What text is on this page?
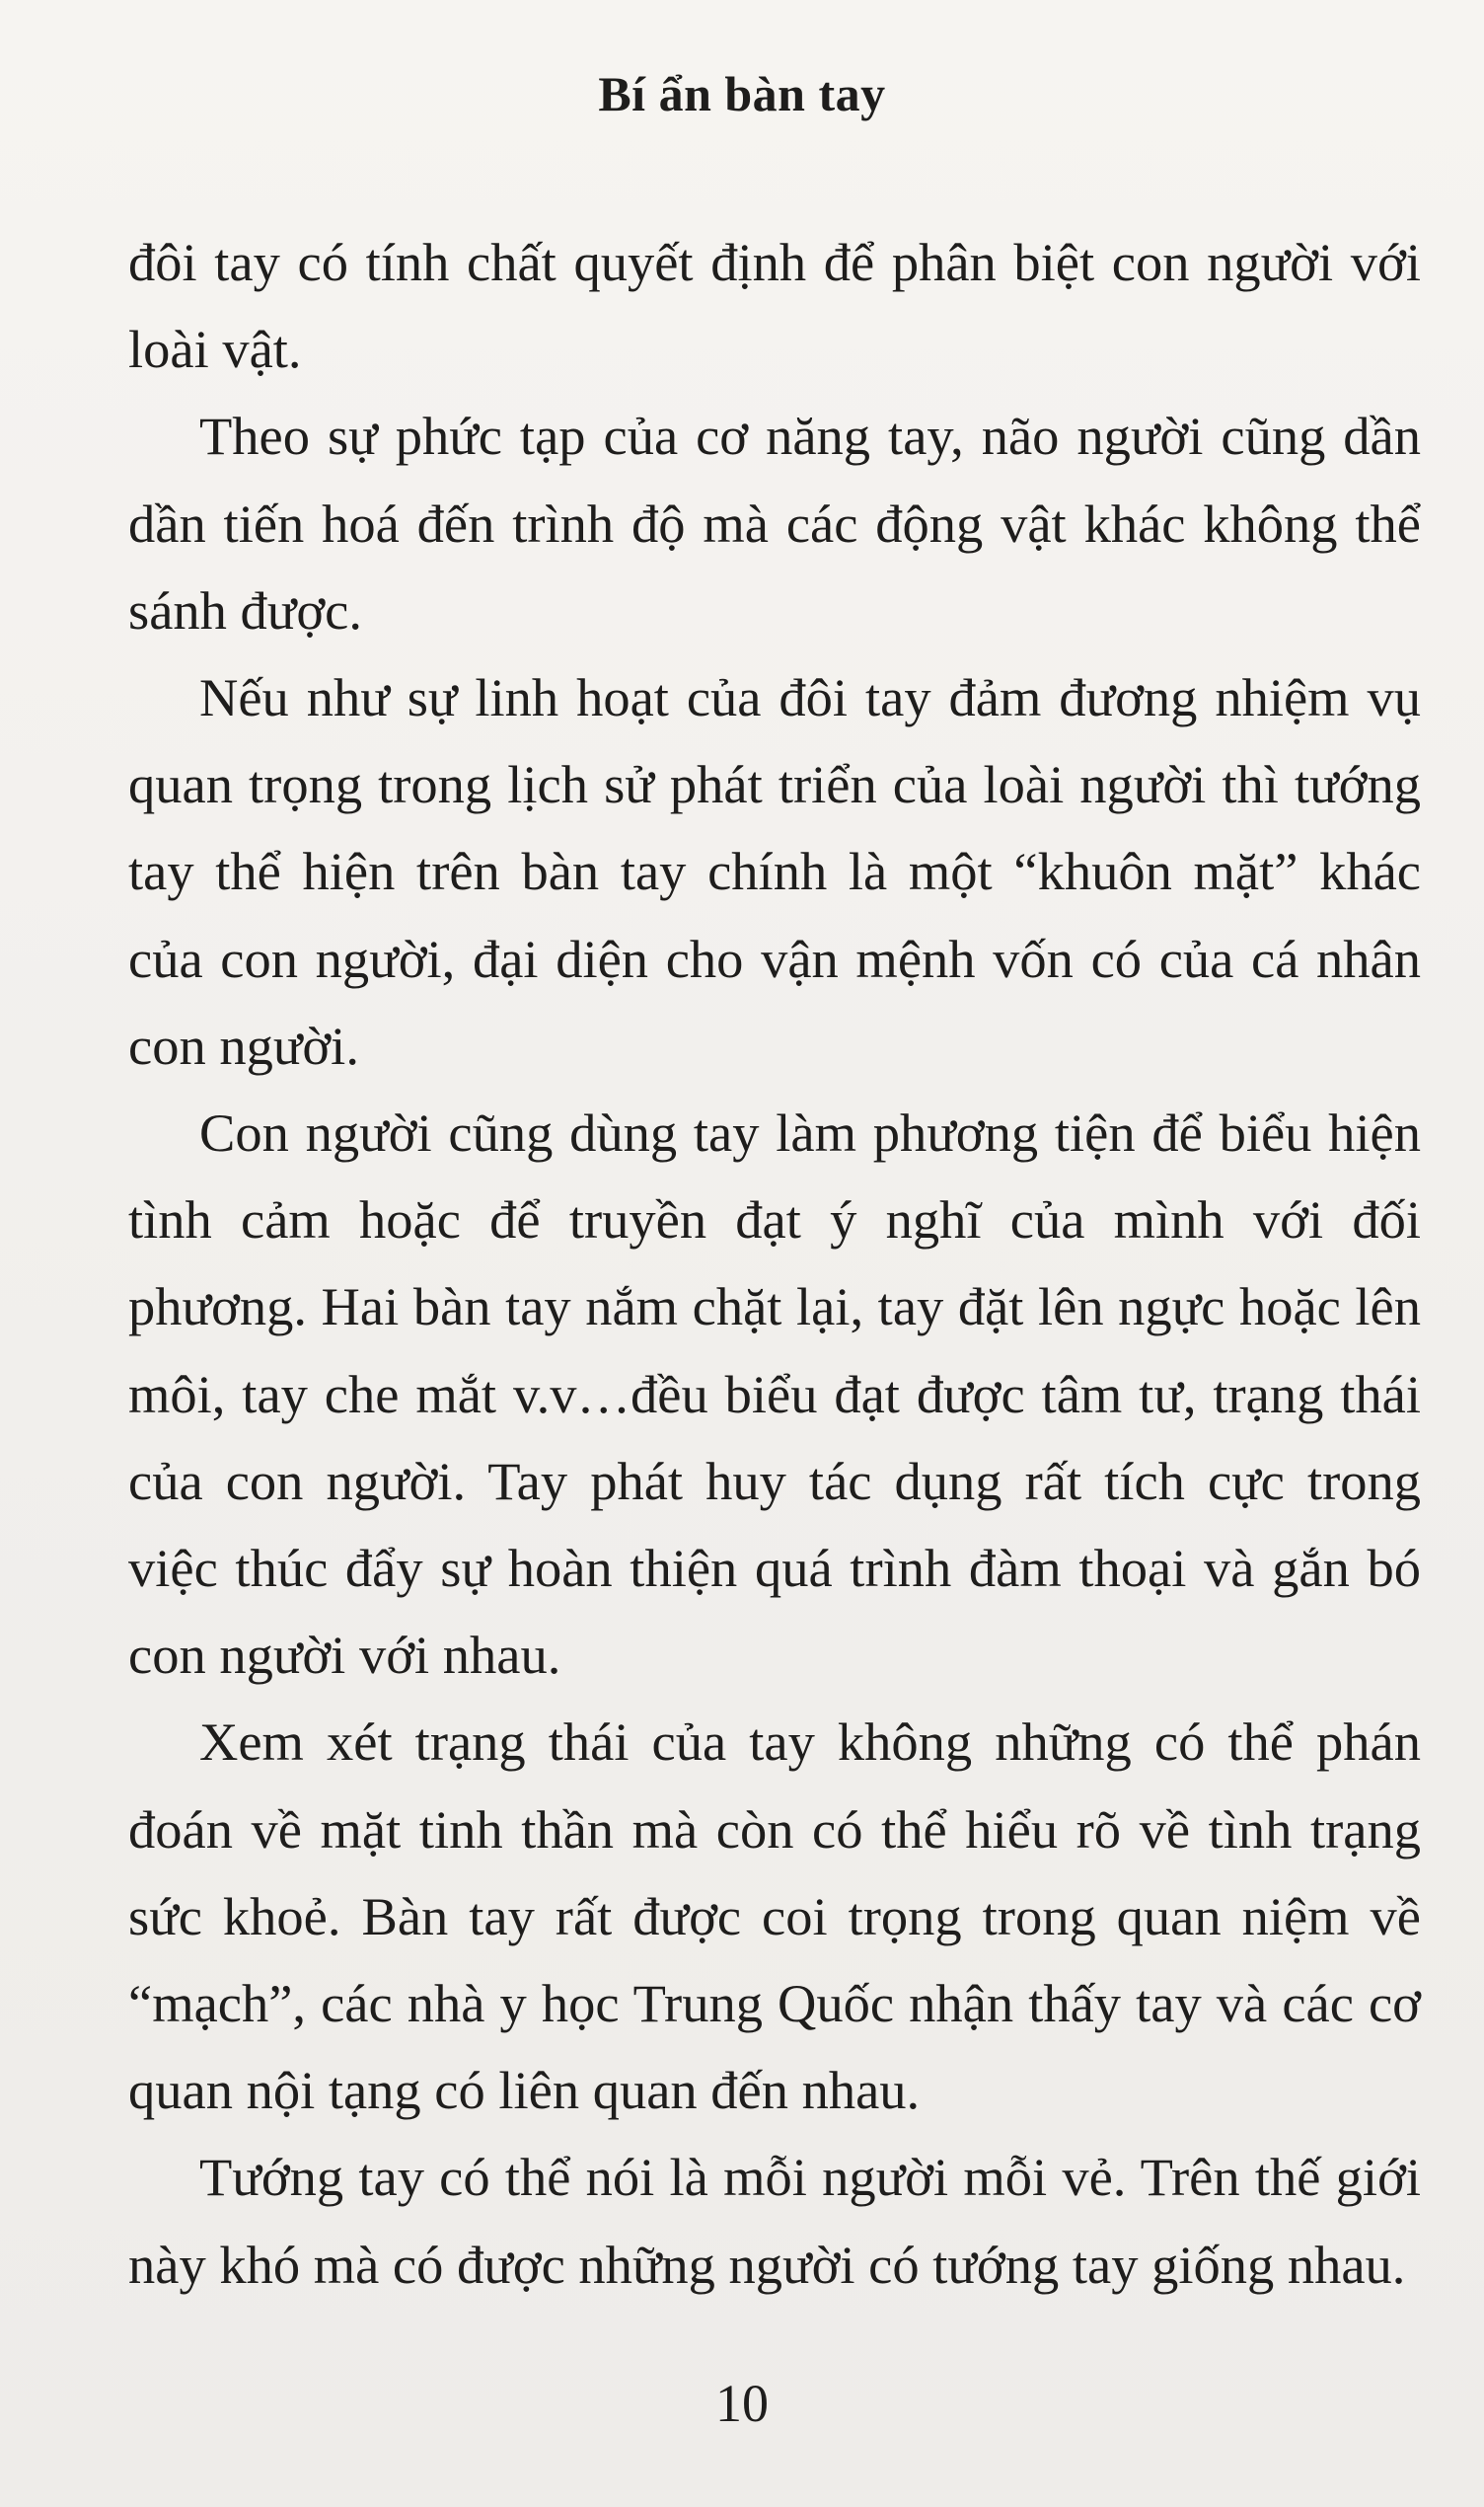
Bí ẩn bàn tay

đôi tay có tính chất quyết định để phân biệt con người với loài vật.

Theo sự phức tạp của cơ năng tay, não người cũng dần dần tiến hoá đến trình độ mà các động vật khác không thể sánh được.

Nếu như sự linh hoạt của đôi tay đảm đương nhiệm vụ quan trọng trong lịch sử phát triển của loài người thì tướng tay thể hiện trên bàn tay chính là một “khuôn mặt” khác của con người, đại diện cho vận mệnh vốn có của cá nhân con người.

Con người cũng dùng tay làm phương tiện để biểu hiện tình cảm hoặc để truyền đạt ý nghĩ của mình với đối phương. Hai bàn tay nắm chặt lại, tay đặt lên ngực hoặc lên môi, tay che mắt v.v…đều biểu đạt được tâm tư, trạng thái của con người. Tay phát huy tác dụng rất tích cực trong việc thúc đẩy sự hoàn thiện quá trình đàm thoại và gắn bó con người với nhau.

Xem xét trạng thái của tay không những có thể phán đoán về mặt tinh thần mà còn có thể hiểu rõ về tình trạng sức khoẻ. Bàn tay rất được coi trọng trong quan niệm về “mạch”, các nhà y học Trung Quốc nhận thấy tay và các cơ quan nội tạng có liên quan đến nhau.

Tướng tay có thể nói là mỗi người mỗi vẻ. Trên thế giới này khó mà có được những người có tướng tay giống nhau.

10
